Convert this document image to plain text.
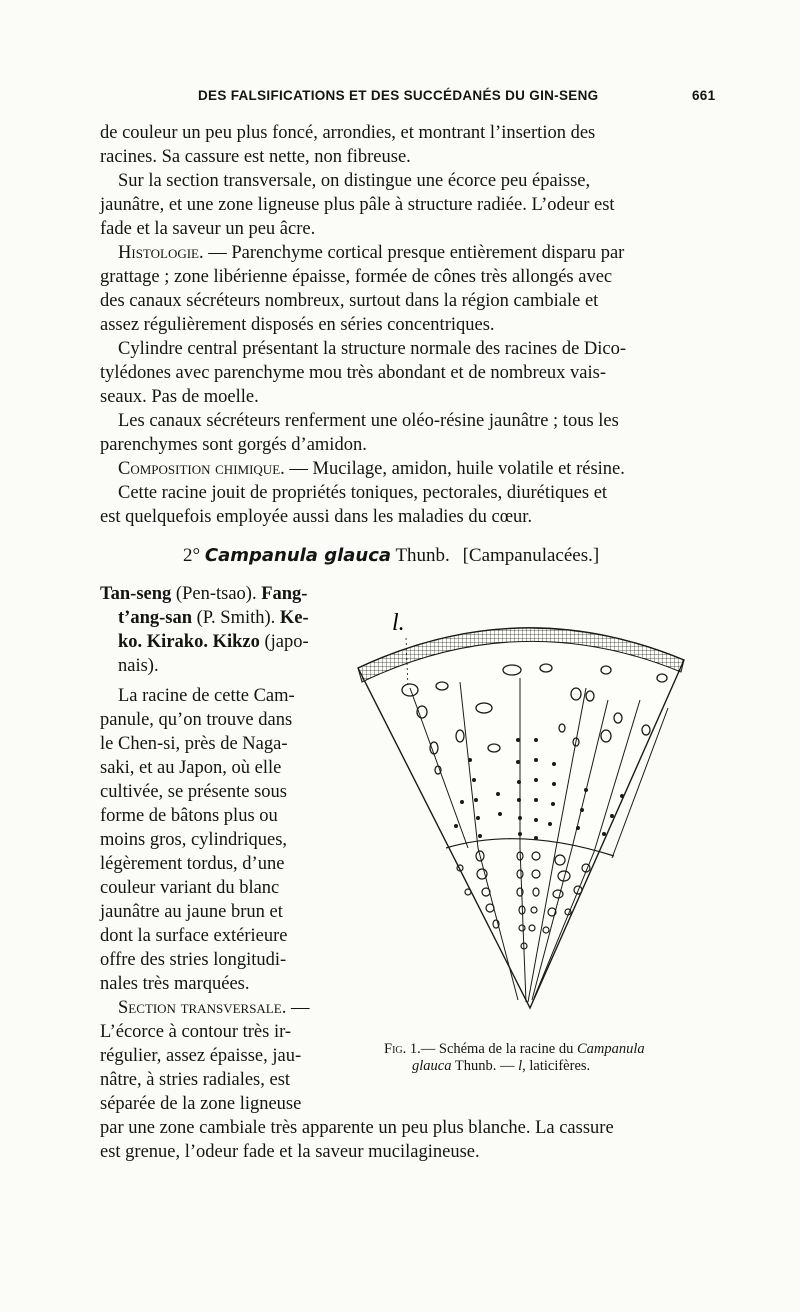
DES FALSIFICATIONS ET DES SUCCÉDANÉS DU GIN-SENG	661
de couleur un peu plus foncé, arrondies, et montrant l’insertion des
racines. Sa cassure est nette, non fibreuse.
Sur la section transversale, on distingue une écorce peu épaisse,
jaunâtre, et une zone ligneuse plus pâle à structure radiée. L’odeur est
fade et la saveur un peu âcre.
Histologie. — Parenchyme cortical presque entièrement disparu par
grattage ; zone libérienne épaisse, formée de cônes très allongés avec
des canaux sécréteurs nombreux, surtout dans la région cambiale et
assez régulièrement disposés en séries concentriques.
Cylindre central présentant la structure normale des racines de Dico-
tylédones avec parenchyme mou très abondant et de nombreux vais-
seaux. Pas de moelle.
Les canaux sécréteurs renferment une oléo-résine jaunâtre ; tous les
parenchymes sont gorgés d’amidon.
Composition chimique. — Mucilage, amidon, huile volatile et résine.
Cette racine jouit de propriétés toniques, pectorales, diurétiques et
est quelquefois employée aussi dans les maladies du cœur.
2° Campanula glauca Thunb. [Campanulacées.]
Tan-seng (Pen-tsao). Fang-
t’ang-san (P. Smith). Ke-
ko. Kirako. Kikzo (japo-
nais).
La racine de cette Cam-
panule, qu’on trouve dans
le Chen-si, près de Naga-
saki, et au Japon, où elle
cultivée, se présente sous
forme de bâtons plus ou
moins gros, cylindriques,
légèrement tordus, d’une
couleur variant du blanc
jaunâtre au jaune brun et
dont la surface extérieure
offre des stries longitudi-
nales très marquées.
Section transversale. —
L’écorce à contour très ir-
régulier, assez épaisse, jau-
nâtre, à stries radiales, est
séparée de la zone ligneuse
par une zone cambiale très apparente un peu plus blanche. La cassure
est grenue, l’odeur fade et la saveur mucilagineuse.
l.
Fig. 1.— Schéma de la racine du Campanula
glauca Thunb. — l, laticifères.
